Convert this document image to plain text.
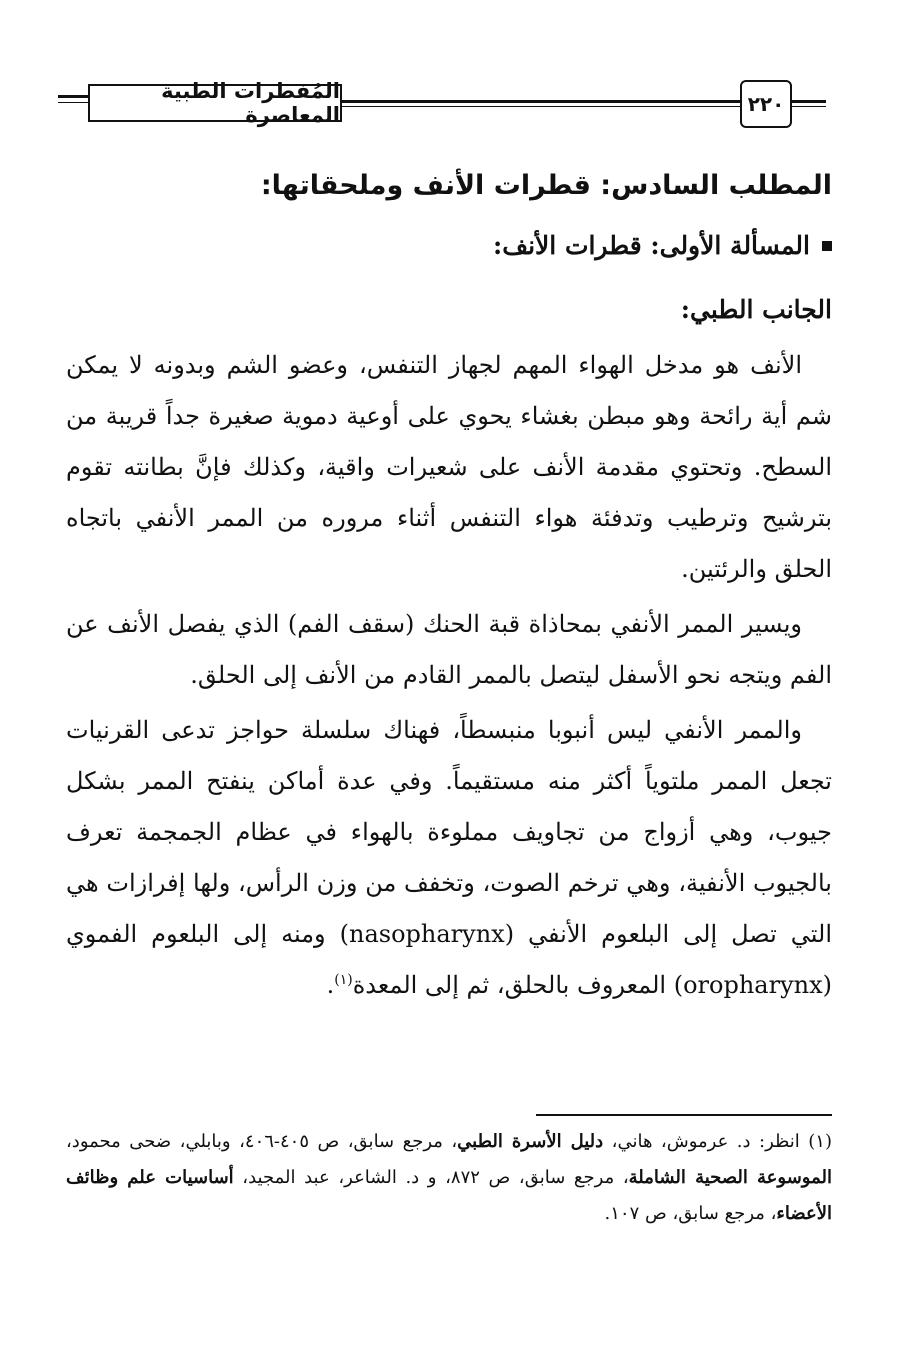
المُفطرات الطبية المعاصرة	٢٢٠
المطلب السادس: قطرات الأنف وملحقاتها:
المسألة الأولى: قطرات الأنف:
الجانب الطبي:

الأنف هو مدخل الهواء المهم لجهاز التنفس، وعضو الشم وبدونه لا يمكن شم أية رائحة وهو مبطن بغشاء يحوي على أوعية دموية صغيرة جداً قريبة من السطح. وتحتوي مقدمة الأنف على شعيرات واقية، وكذلك فإنَّ بطانته تقوم بترشيح وترطيب وتدفئة هواء التنفس أثناء مروره من الممر الأنفي باتجاه الحلق والرئتين.

ويسير الممر الأنفي بمحاذاة قبة الحنك (سقف الفم) الذي يفصل الأنف عن الفم ويتجه نحو الأسفل ليتصل بالممر القادم من الأنف إلى الحلق.

والممر الأنفي ليس أنبوبا منبسطاً، فهناك سلسلة حواجز تدعى القرنيات تجعل الممر ملتوياً أكثر منه مستقيماً. وفي عدة أماكن ينفتح الممر بشكل جيوب، وهي أزواج من تجاويف مملوءة بالهواء في عظام الجمجمة تعرف بالجيوب الأنفية، وهي ترخم الصوت، وتخفف من وزن الرأس، ولها إفرازات هي التي تصل إلى البلعوم الأنفي (nasopharynx) ومنه إلى البلعوم الفموي (oropharynx) المعروف بالحلق، ثم إلى المعدة$^{(١)}$.

(١) انظر: د. عرموش، هاني، دليل الأسرة الطبي، مرجع سابق، ص ٤٠٥-٤٠٦، وبابلي، ضحى محمود، الموسوعة الصحية الشاملة، مرجع سابق، ص ٨٧٢، و د. الشاعر، عبد المجيد، أساسيات علم وظائف الأعضاء، مرجع سابق، ص ١٠٧.
